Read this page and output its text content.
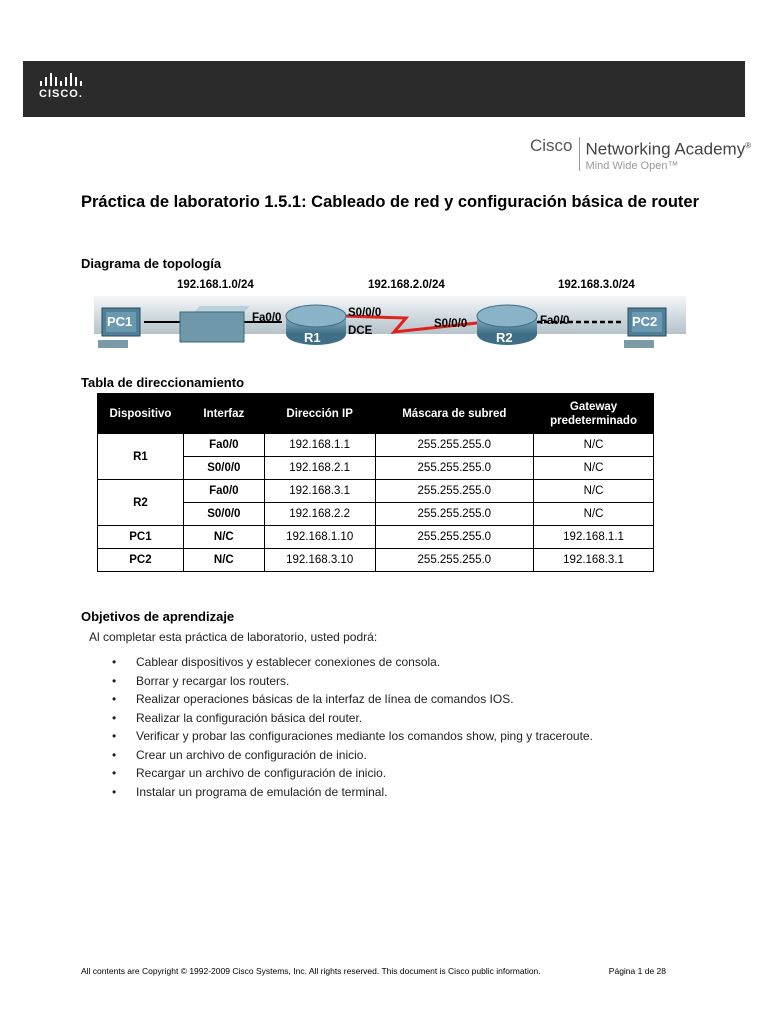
CISCO.
Cisco Networking Academy®
Mind Wide Open™
Práctica de laboratorio 1.5.1: Cableado de red y configuración básica de router
Diagrama de topología
192.168.1.0/24	192.168.2.0/24	192.168.3.0/24
PC1	Fa0/0
R1
S0/0/0
DCE
S0/0/0
R2
Fa0/0	PC2
Tabla de direccionamiento
Dispositivo	Interfaz	Dirección IP	Máscara de subred	Gateway predeterminado
R1	Fa0/0	192.168.1.1	255.255.255.0	N/C
	S0/0/0	192.168.2.1	255.255.255.0	N/C
R2	Fa0/0	192.168.3.1	255.255.255.0	N/C
	S0/0/0	192.168.2.2	255.255.255.0	N/C
PC1	N/C	192.168.1.10	255.255.255.0	192.168.1.1
PC2	N/C	192.168.3.10	255.255.255.0	192.168.3.1
Objetivos de aprendizaje
Al completar esta práctica de laboratorio, usted podrá:
•	Cablear dispositivos y establecer conexiones de consola.
•	Borrar y recargar los routers.
•	Realizar operaciones básicas de la interfaz de línea de comandos IOS.
•	Realizar la configuración básica del router.
•	Verificar y probar las configuraciones mediante los comandos show, ping y traceroute.
•	Crear un archivo de configuración de inicio.
•	Recargar un archivo de configuración de inicio.
•	Instalar un programa de emulación de terminal.
All contents are Copyright © 1992-2009 Cisco Systems, Inc. All rights reserved. This document is Cisco public information.	Página 1 de 28
